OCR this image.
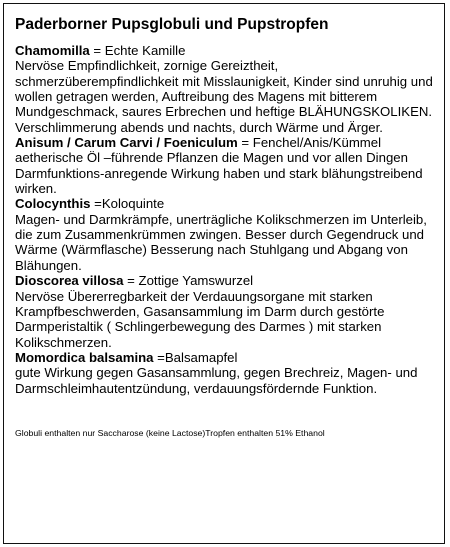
Paderborner Pupsglobuli und Pupstropfen
Chamomilla = Echte Kamille
Nervöse Empfindlichkeit, zornige Gereiztheit, schmerzüberempfindlichkeit mit Misslaunigkeit, Kinder sind unruhig und wollen getragen werden, Auftreibung des Magens mit bitterem Mundgeschmack, saures Erbrechen und heftige BLÄHUNGSKOLIKEN. Verschlimmerung abends und nachts, durch Wärme und Ärger.
Anisum / Carum Carvi / Foeniculum = Fenchel/Anis/Kümmel
aetherische Öl –führende Pflanzen die Magen und vor allen Dingen Darmfunktions-anregende Wirkung haben und stark blähungstreibend wirken.
Colocynthis =Koloquinte
Magen- und Darmkrämpfe, unerträgliche Kolikschmerzen im Unterleib, die zum Zusammenkrümmen zwingen. Besser durch Gegendruck und Wärme (Wärmflasche) Besserung nach Stuhlgang und Abgang von Blähungen.
Dioscorea villosa = Zottige Yamswurzel
Nervöse Übererregbarkeit der Verdauungsorgane mit starken Krampfbeschwerden, Gasansammlung im Darm durch gestörte Darmperistaltik ( Schlingerbewegung des Darmes ) mit starken Kolikschmerzen.
Momordica balsamina =Balsamapfel
gute Wirkung gegen Gasansammlung, gegen Brechreiz, Magen- und Darmschleimhautentzündung, verdauungsfördernde Funktion.
Globuli enthalten nur Saccharose (keine Lactose)Tropfen enthalten 51% Ethanol
